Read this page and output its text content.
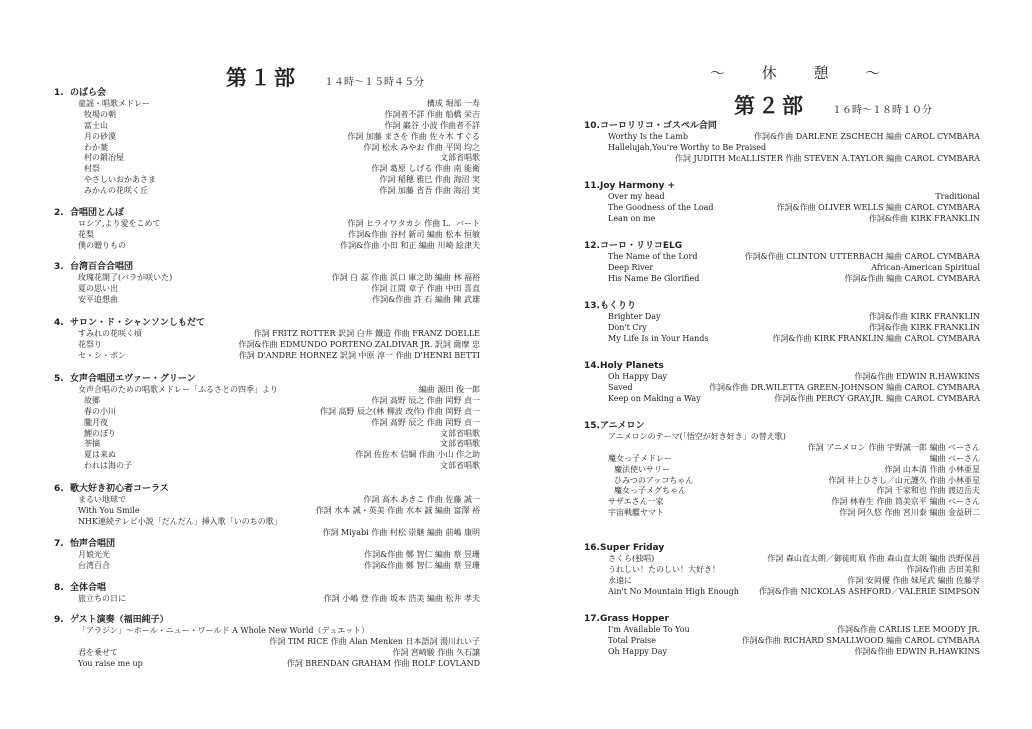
第１部	１４時～１５時４５分
1. のばら会
童謡・唱歌メドレー	構成 堀部 一寿
牧場の朝	作詞者不詳 作曲 船橋 栄吉
富士山	作詞 巌谷 小波 作曲者不詳
月の砂漠	作詞 加藤 まさを 作曲 佐々木 すぐる
わか葉	作詞 松永 みやお 作曲 平岡 均之
村の鍛冶屋	文部省唱歌
村祭	作詞 葛原 しげる 作曲 南 能衛
やさしいおかあさま	作詞 稲穂 雅巳 作曲 海沼 実
みかんの花咲く丘	作詞 加藤 省吾 作曲 海沼 実
2. 合唱団とんぼ
ロシア,より愛をこめて	作詞 ヒライワタカシ 作曲 L．バート
花梨	作詞&作曲 谷村 新司 編曲 松本 恒敏
僕の贈りもの	作詞&作曲 小田 和正 編曲 川崎 絵津夫
3. 台湾百合合唱団
玫瑰花開了(バラが咲いた)	作詞 白 蕊 作曲 浜口 庫之助 編曲 林 福裕
夏の思い出	作詞 江間 章子 作曲 中田 喜直
安平追想曲	作詞&作曲 許 石 編曲 陳 武雄
4. サロン・ド・シャンソンしもだて
すみれの花咲く頃	作詞 FRITZ ROTTER 訳詞 白井 鐵造 作曲 FRANZ DOELLE
花祭り	作詞&作曲 EDMUNDO PORTENO ZALDIVAR JR. 訳詞 薩摩 忠
セ・シ・ボン	作詞 D'ANDRE HORNEZ 訳詞 中原 淳一 作曲 D'HENRI BETTI
5. 女声合唱団エヴァー・グリーン
女声合唱のための唱歌メドレー「ふるさとの四季」より	編曲 源田 俊一郎
故郷	作詞 高野 辰之 作曲 岡野 貞一
春の小川	作詞 高野 辰之(林 柳波 改作) 作曲 岡野 貞一
朧月夜	作詞 高野 辰之 作曲 岡野 貞一
鯉のぼり	文部省唱歌
茶摘	文部省唱歌
夏は来ぬ	作詞 佐佐木 信綱 作曲 小山 作之助
われは海の子	文部省唱歌
6. 歌大好き初心者コーラス
まるい地球で	作詞 高木 あきこ 作曲 佐藤 誠一
With You Smile	作詞 水本 誠・英美 作曲 水本 誠 編曲 富澤 裕
NHK連続テレビ小説「だんだん」挿入歌「いのちの歌」
作詞 Miyabi 作曲 村松 崇継 編曲 前嶋 康明
7. 怡声合唱団
月娘光光	作詞&作曲 鄭 智仁 編曲 蔡 昱珊
台湾百合	作詞&作曲 鄭 智仁 編曲 蔡 昱珊
8. 全体合唱
旅立ちの日に	作詞 小嶋 登 作曲 坂本 浩美 編曲 松井 孝夫
9. ゲスト演奏（福田純子）
「アラジン」～ホール・ニュー・ワールド A Whole New World（デュエット）
作詞 TIM RICE 作曲 Alan Menken 日本語詞 湯川れい子
君を乗せて	作詞 宮崎駿 作曲 久石譲
You raise me up	作詞 BRENDAN GRAHAM 作曲 ROLF LOVLAND
～ 休 憩 ～
第２部	１６時～１８時１０分
10.コーロリリコ・ゴスペル合同
Worthy Is the Lamb	作詞&作曲 DARLENE ZSCHECH 編曲 CAROL CYMBARA
Hallelujah,You're Worthy to Be Praised
作詞 JUDITH McALLISTER 作曲 STEVEN A.TAYLOR 編曲 CAROL CYMBARA
11.Joy Harmony +
Over my head	Traditional
The Goodness of the Load	作詞&作曲 OLIVER WELLS 編曲 CAROL CYMBARA
Lean on me	作詞&作曲 KIRK FRANKLIN
12.コーロ・リリコELG
The Name of the Lord	作詞&作曲 CLINTON UTTERBACH 編曲 CAROL CYMBARA
Deep River	African-American Spiritual
His Name Be Glorified	作詞&作曲 編曲 CAROL CYMBARA
13.もくりり
Brighter Day	作詞&作曲 KIRK FRANKLIN
Don't Cry	作詞&作曲 KIRK FRANKLIN
My Life Is in Your Hands	作詞&作曲 KIRK FRANKLIN 編曲 CAROL CYMBARA
14.Holy Planets
Oh Happy Day	作詞&作曲 EDWIN R.HAWKINS
Saved	作詞&作曲 DR.WILETTA GREEN-JOHNSON 編曲 CAROL CYMBARA
Keep on Making a Way	作詞&作曲 PERCY GRAY,JR. 編曲 CAROL CYMBARA
15.アニメロン
アニメロンのテーマ(「悟空が好き好き」の替え歌)
作詞 アニメロン 作曲 宇野誠一郎 編曲 べーさん
魔女っ子メドレー	編曲 べーさん
魔法使いサリー	作詞 山本清 作曲 小林亜星
ひみつのアッコちゃん	作詞 井上ひさし／山元護久 作曲 小林亜星
魔女っ子メグちゃん	作詞 千家和也 作曲 渡辺岳夫
サザエさん一家	作詞 林春生 作曲 筒美京平 編曲 べーさん
宇宙戦艦ヤマト	作詞 阿久悠 作曲 宮川泰 編曲 金益研二
16.Super Friday
さくら(独唱)	作詞 森山直太朗／御徒町凧 作曲 森山直太朗 編曲 渋野保昌
うれしい！たのしい！大好き！	作詞&作曲 吉田美和
永遠に	作詞 安岡優 作曲 妹尾武 編曲 佐藤学
Ain't No Mountain High Enough 作詞&作曲 NICKOLAS ASHFORD／VALERIE SIMPSON
17.Grass Hopper
I'm Available To You	作詞&作曲 CARLIS LEE MOODY JR.
Total Praise	作詞&作曲 RICHARD SMALLWOOD 編曲 CAROL CYMBARA
Oh Happy Day	作詞&作曲 EDWIN R.HAWKINS
